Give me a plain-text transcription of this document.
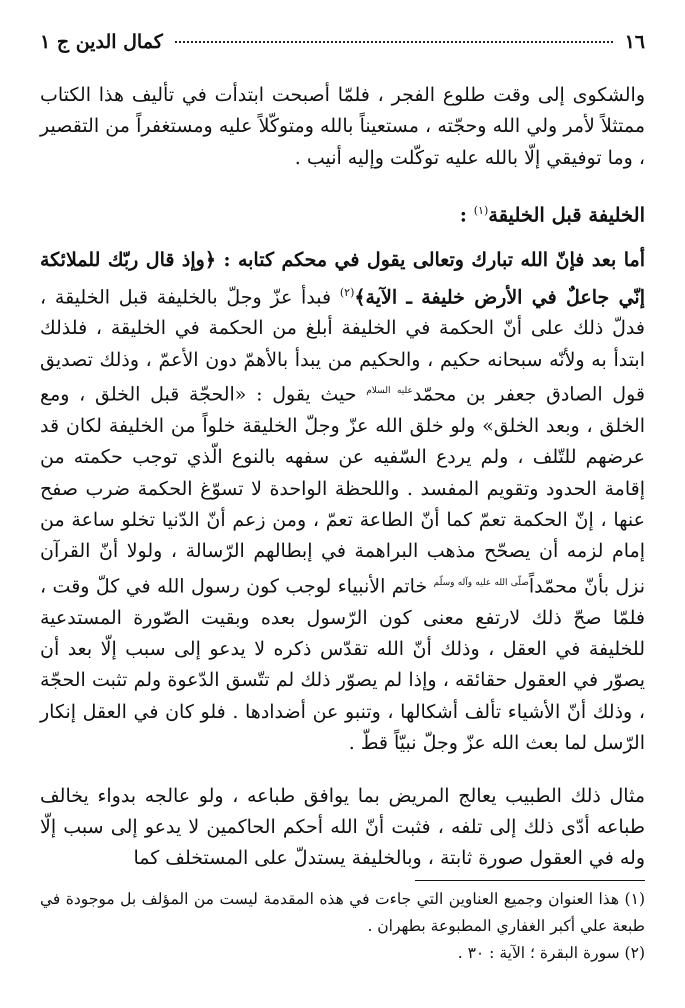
١٦
كمال الدين ج ١

والشكوى إلى وقت طلوع الفجر ، فلمّا أصبحت ابتدأت في تأليف هذا الكتاب ممتثلاً لأمر ولي الله وحجّته ، مستعيناً بالله ومتوكّلاً عليه ومستغفراً من التقصير ، وما توفيقي إلّا بالله عليه توكّلت وإليه أنيب .

الخليفة قبل الخليقة$^{(١)}$ :

أما بعد فإنّ الله تبارك وتعالى يقول في محكم كتابه : ﴿وإذ قال ربّك للملائكة إنّي جاعلٌ في الأرض خليفة ـ الآية﴾$^{(٢)}$ فبدأ عزّ وجلّ بالخليفة قبل الخليقة ، فدلّ ذلك على أنّ الحكمة في الخليفة أبلغ من الحكمة في الخليقة ، فلذلك ابتدأ به ولأنّه سبحانه حكيم ، والحكيم من يبدأ بالأهمّ دون الأعمّ ، وذلك تصديق قول الصادق جعفر بن محمّد$^{عليه السلام}$ حيث يقول : «الحجّة قبل الخلق ، ومع الخلق ، وبعد الخلق» ولو خلق الله عزّ وجلّ الخليقة خلواً من الخليفة لكان قد عرضهم للتّلف ، ولم يردع السّفيه عن سفهه بالنوع الّذي توجب حكمته من إقامة الحدود وتقويم المفسد . واللحظة الواحدة لا تسوّغ الحكمة ضرب صفح عنها ، إنّ الحكمة تعمّ كما أنّ الطاعة تعمّ ، ومن زعم أنّ الدّنيا تخلو ساعة من إمام لزمه أن يصحّح مذهب البراهمة في إبطالهم الرّسالة ، ولولا أنّ القرآن نزل بأنّ محمّداً$^{صلّى الله عليه وآله وسلّم}$ خاتم الأنبياء لوجب كون رسول الله في كلّ وقت ، فلمّا صحّ ذلك لارتفع معنى كون الرّسول بعده وبقيت الصّورة المستدعية للخليفة في العقل ، وذلك أنّ الله تقدّس ذكره لا يدعو إلى سبب إلّا بعد أن يصوّر في العقول حقائقه ، وإذا لم يصوّر ذلك لم تتّسق الدّعوة ولم تثبت الحجّة ، وذلك أنّ الأشياء تألف أشكالها ، وتنبو عن أضدادها . فلو كان في العقل إنكار الرّسل لما بعث الله عزّ وجلّ نبيّاً قطّ .

مثال ذلك الطبيب يعالج المريض بما يوافق طباعه ، ولو عالجه بدواء يخالف طباعه أدّى ذلك إلى تلفه ، فثبت أنّ الله أحكم الحاكمين لا يدعو إلى سبب إلّا وله في العقول صورة ثابتة ، وبالخليفة يستدلّ على المستخلف كما

(١) هذا العنوان وجميع العناوين التي جاءت في هذه المقدمة ليست من المؤلف بل موجودة في طبعة علي أكبر الغفاري المطبوعة بطهران .

(٢) سورة البقرة ؛ الآية : ٣٠ .
